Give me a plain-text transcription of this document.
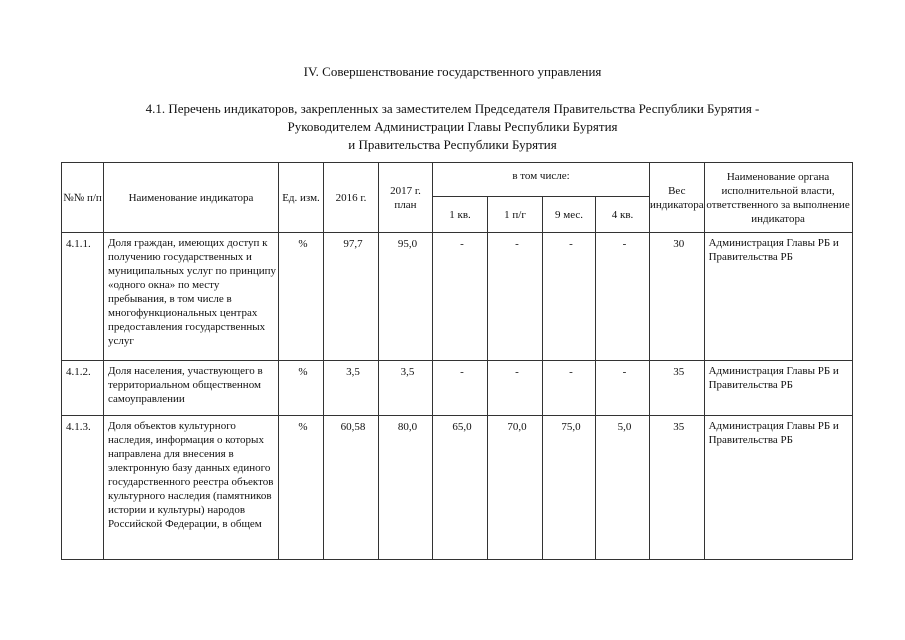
IV. Совершенствование государственного управления
4.1. Перечень индикаторов, закрепленных за заместителем Председателя Правительства Республики Бурятия -
Руководителем Администрации Главы Республики Бурятия
и Правительства Республики Бурятия
№№ п/п	Наименование индикатора	Ед. изм.	2016 г.	2017 г. план	в том числе:				Вес индикатора	Наименование органа исполнительной власти, ответственного за выполнение индикатора
					1 кв.	1 п/г	9 мес.	4 кв.		
4.1.1.	Доля граждан, имеющих доступ к получению государственных и муниципальных услуг по принципу «одного окна» по месту пребывания, в том числе в многофункциональных центрах предоставления государственных услуг	%	97,7	95,0	-	-	-	-	30	Администрация Главы РБ и Правительства РБ
4.1.2.	Доля населения, участвующего в территориальном общественном самоуправлении	%	3,5	3,5	-	-	-	-	35	Администрация Главы РБ и Правительства РБ
4.1.3.	Доля объектов культурного наследия, информация о которых направлена для внесения в электронную базу данных единого государственного реестра объектов культурного наследия (памятников истории и культуры) народов Российской Федерации, в общем	%	60,58	80,0	65,0	70,0	75,0	5,0	35	Администрация Главы РБ и Правительства РБ
